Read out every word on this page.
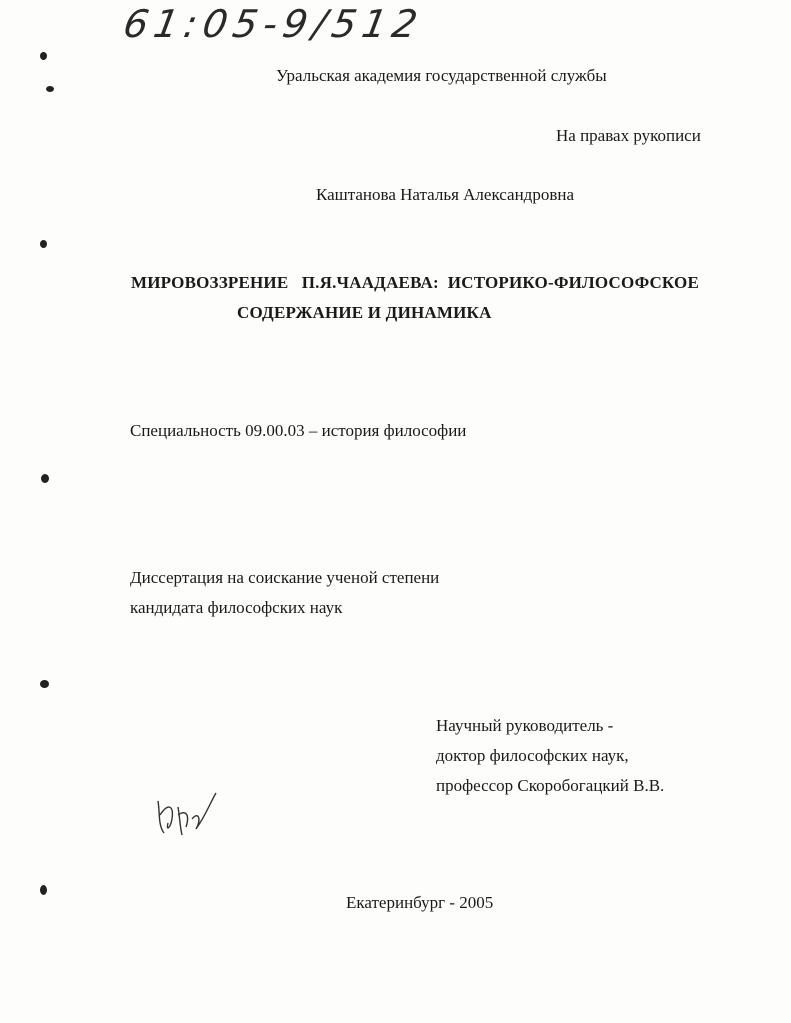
61:05-9/512
Уральская академия государственной службы
На правах рукописи
Каштанова Наталья Александровна
МИРОВОЗЗРЕНИЕ   П.Я.ЧААДАЕВА:  ИСТОРИКО-ФИЛОСОФСКОЕ
СОДЕРЖАНИЕ И ДИНАМИКА
Специальность 09.00.03 – история философии
Диссертация на соискание ученой степени
кандидата философских наук
Научный руководитель -
доктор философских наук,
профессор Скоробогацкий В.В.
Екатеринбург - 2005
